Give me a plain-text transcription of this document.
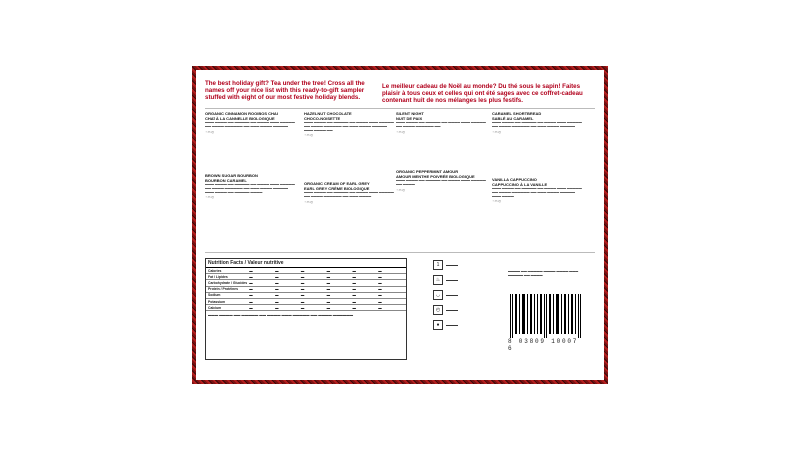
The best holiday gift? Tea under the tree! Cross all the names off your nice list with this ready-to-gift sampler stuffed with eight of our most festive holiday blends.
Le meilleur cadeau de Noël au monde? Du thé sous le sapin! Faites plaisir à tous ceux et celles qui ont été sages avec ce coffret-cadeau contenant huit de nos mélanges les plus festifs.
ORGANIC CINNAMON ROOIBOS CHAI
CHAÏ À LA CANNELLE BIOLOGIQUE
▬▬▬ ▬▬▬▬ ▬▬ ▬▬▬▬▬ ▬▬ ▬▬▬▬ ▬▬▬ ▬▬▬▬▬ ▬▬ ▬▬▬▬ ▬▬▬▬▬▬ ▬▬ ▬▬▬ ▬▬▬▬ ▬▬▬▬▬
◔ ▭ ◴
HAZELNUT CHOCOLATE
CHOCO-NOISETTE
▬▬▬ ▬▬▬▬ ▬▬ ▬▬▬▬▬ ▬▬ ▬▬▬▬ ▬▬▬ ▬▬▬▬▬ ▬▬ ▬▬▬▬ ▬▬▬▬▬▬ ▬▬ ▬▬▬ ▬▬▬▬ ▬▬▬▬▬ ▬▬▬ ▬▬▬▬ ▬▬
◔ ▭ ◴
SILENT NIGHT
NUIT DE PAIX
▬▬▬ ▬▬▬▬ ▬▬ ▬▬▬▬▬ ▬▬ ▬▬▬▬ ▬▬▬ ▬▬▬▬▬ ▬▬ ▬▬▬▬ ▬▬▬▬▬▬ ▬▬
◔ ▭ ◴
CARAMEL SHORTBREAD
SABLÉ AU CARAMEL
▬▬▬ ▬▬▬▬ ▬▬ ▬▬▬▬▬ ▬▬ ▬▬▬▬ ▬▬▬ ▬▬▬▬▬ ▬▬ ▬▬▬▬ ▬▬▬▬▬▬ ▬▬ ▬▬▬ ▬▬▬▬ ▬▬▬▬▬
◔ ▭ ◴
BROWN SUGAR BOURBON
BOURBON CARAMEL
▬▬▬ ▬▬▬▬ ▬▬ ▬▬▬▬▬ ▬▬ ▬▬▬▬ ▬▬▬ ▬▬▬▬▬ ▬▬ ▬▬▬▬ ▬▬▬▬▬▬ ▬▬ ▬▬▬ ▬▬▬▬ ▬▬▬▬▬ ▬▬▬ ▬▬▬▬ ▬▬ ▬▬▬▬▬ ▬▬▬▬
◔ ▭ ◴
ORGANIC CREAM OF EARL GREY
EARL GREY CRÈME BIOLOGIQUE
▬▬▬ ▬▬▬▬ ▬▬ ▬▬▬▬▬ ▬▬ ▬▬▬▬ ▬▬▬ ▬▬▬▬▬ ▬▬ ▬▬▬▬ ▬▬▬▬▬▬ ▬▬ ▬▬▬ ▬▬▬▬
◔ ▭ ◴
ORGANIC PEPPERMINT AMOUR
AMOUR MENTHE POIVRÉE BIOLOGIQUE
▬▬▬ ▬▬▬▬ ▬▬ ▬▬▬▬▬ ▬▬ ▬▬▬▬ ▬▬▬ ▬▬▬▬▬ ▬▬ ▬▬▬▬
◔ ▭ ◴
VANILLA CAPPUCCINO
CAPPUCCINO À LA VANILLE
▬▬▬ ▬▬▬▬ ▬▬ ▬▬▬▬▬ ▬▬ ▬▬▬▬ ▬▬▬ ▬▬▬▬▬ ▬▬ ▬▬▬▬ ▬▬▬▬▬▬ ▬▬ ▬▬▬ ▬▬▬▬ ▬▬▬▬▬ ▬▬▬ ▬▬▬▬
◔ ▭ ◴
Nutrition Facts / Valeur nutritive
Calories	▬	▬	▬	▬	▬	▬
Fat / Lipides	▬	▬	▬	▬	▬	▬
Carbohydrate / Glucides ▬	▬	▬	▬	▬	▬
Protein / Protéines	▬	▬	▬	▬	▬	▬
Sodium	▬	▬	▬	▬	▬	▬
Potassium	▬	▬	▬	▬	▬	▬
Calcium	▬	▬	▬	▬	▬	▬
▬▬▬ ▬▬▬▬ ▬▬ ▬▬▬▬▬ ▬▬ ▬▬▬▬ ▬▬▬ ▬▬▬▬▬ ▬▬ ▬▬▬▬ ▬▬▬▬▬▬
1	▬▬▬▬
♨	▬▬▬▬
◡	▬▬▬▬
◴	▬▬▬▬
●	▬▬▬▬
▬▬▬▬ ▬▬ ▬▬▬▬▬ ▬▬▬▬ ▬▬▬▬ ▬▬▬ ▬▬▬▬▬ ▬▬ ▬▬▬▬
8 03809 10007 6
